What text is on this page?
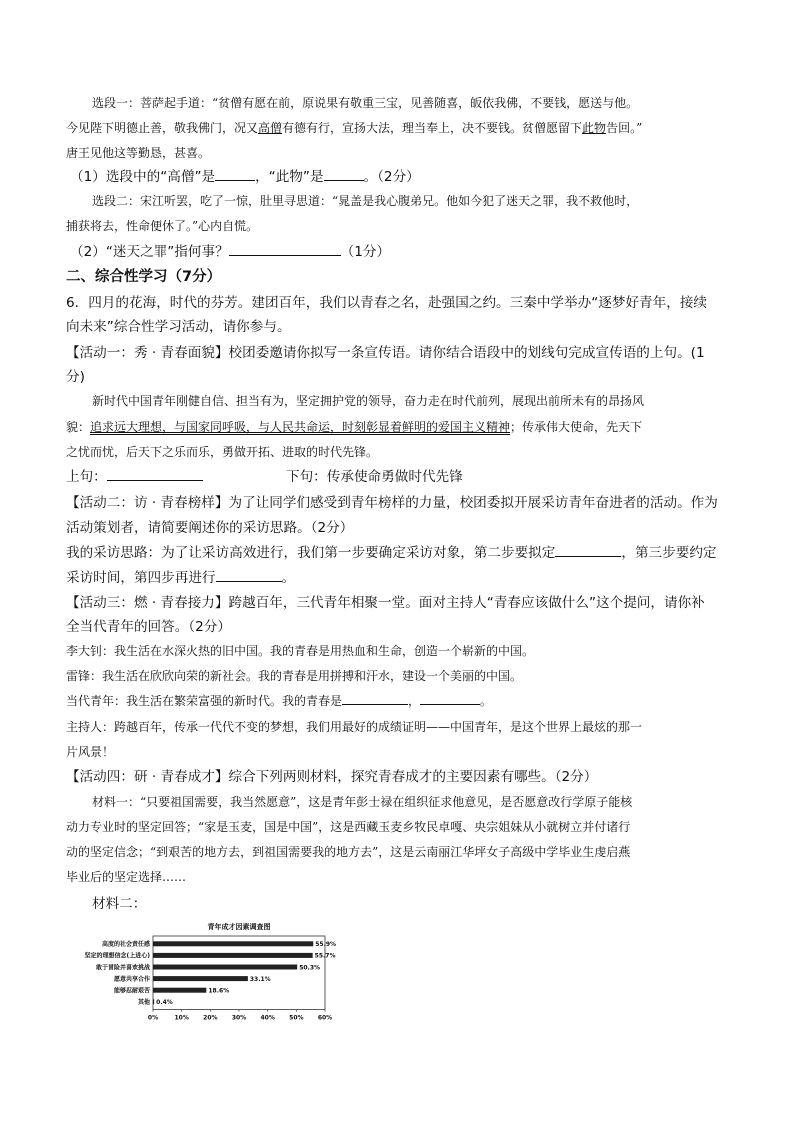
选段一：菩萨起手道：“贫僧有愿在前，原说果有敬重三宝，见善随喜，皈依我佛，不要钱，愿送与他。
今见陛下明德止善，敬我佛门，况又高僧有德有行，宣扬大法，理当奉上，决不要钱。贫僧愿留下此物告回。”
唐王见他这等勤恳，甚喜。
（1）选段中的“高僧”是	，“此物”是	。（2分）
选段二：宋江听罢，吃了一惊，肚里寻思道：“晁盖是我心腹弟兄。他如今犯了迷天之罪，我不救他时，
捕获将去，性命便休了。”心内自慌。
（2）“迷天之罪”指何事？	（1分）
二、综合性学习（7分）
6．四月的花海，时代的芬芳。建团百年，我们以青春之名，赴强国之约。三秦中学举办“逐梦好青年，接续
向未来”综合性学习活动，请你参与。
【活动一：秀 · 青春面貌】校团委邀请你拟写一条宣传语。请你结合语段中的划线句完成宣传语的上句。(1
分)
新时代中国青年刚健自信、担当有为，坚定拥护党的领导，奋力走在时代前列，展现出前所未有的昂扬风
貌：追求远大理想，与国家同呼吸，与人民共命运，时刻彰显着鲜明的爱国主义精神；传承伟大使命，先天下
之忧而忧，后天下之乐而乐，勇做开拓、进取的时代先锋。
上句：	下句：传承使命勇做时代先锋
【活动二：访 · 青春榜样】为了让同学们感受到青年榜样的力量，校团委拟开展采访青年奋进者的活动。作为
活动策划者，请简要阐述你的采访思路。（2分）
我的采访思路：为了让采访高效进行，我们第一步要确定采访对象，第二步要拟定	，第三步要约定
采访时间，第四步再进行	。
【活动三：燃 · 青春接力】跨越百年，三代青年相聚一堂。面对主持人“青春应该做什么”这个提问，请你补
全当代青年的回答。（2分）
李大钊：我生活在水深火热的旧中国。我的青春是用热血和生命，创造一个崭新的中国。
雷锋：我生活在欣欣向荣的新社会。我的青春是用拼搏和汗水，建设一个美丽的中国。
当代青年：我生活在繁荣富强的新时代。我的青春是	，	。
主持人：跨越百年，传承一代代不变的梦想，我们用最好的成绩证明——中国青年，是这个世界上最炫的那一
片风景！
【活动四：研 · 青春成才】综合下列两则材料，探究青春成才的主要因素有哪些。（2分）
材料一：“只要祖国需要，我当然愿意”，这是青年彭士禄在组织征求他意见，是否愿意改行学原子能核
动力专业时的坚定回答；“家是玉麦，国是中国”，这是西藏玉麦乡牧民卓嘎、央宗姐妹从小就树立并付诸行
动的坚定信念；“到艰苦的地方去，到祖国需要我的地方去”，这是云南丽江华坪女子高级中学毕业生虔启燕
毕业后的坚定选择……
材料二：
青年成才因素调查图
高度的社会责任感	55.9%
坚定的理想信念(上进心)	55.7%
敢于冒险并喜欢挑战	50.3%
愿意共享合作	33.1%
能够忍耐艰苦	18.6%
其他 0.4%
0%	10% 20% 30% 40% 50% 60%
